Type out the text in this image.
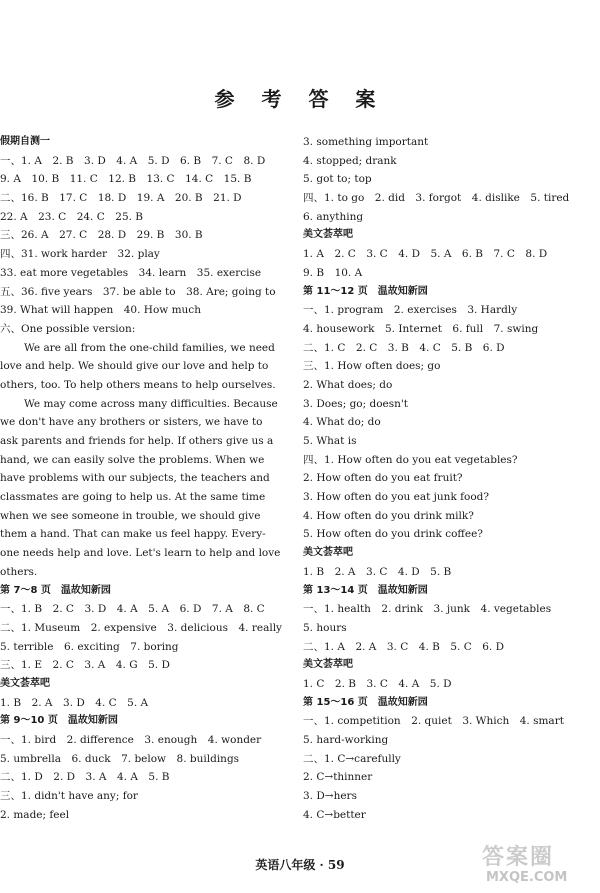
参 考 答 案
假期自测一
一、1. A　2. B　3. D　4. A　5. D　6. B　7. C　8. D
9. A　10. B　11. C　12. B　13. C　14. C　15. B
二、16. B　17. C　18. D　19. A　20. B　21. D
22. A　23. C　24. C　25. B
三、26. A　27. C　28. D　29. B　30. B
四、31. work harder　32. play
33. eat more vegetables　34. learn　35. exercise
五、36. five years　37. be able to　38. Are; going to
39. What will happen　40. How much
六、One possible version:
We are all from the one-child families, we need
love and help. We should give our love and help to
others, too. To help others means to help ourselves.
We may come across many difficulties. Because
we don't have any brothers or sisters, we have to
ask parents and friends for help. If others give us a
hand, we can easily solve the problems. When we
have problems with our subjects, the teachers and
classmates are going to help us. At the same time
when we see someone in trouble, we should give
them a hand. That can make us feel happy. Every-
one needs help and love. Let's learn to help and love
others.
第 7～8 页　温故知新园
一、1. B　2. C　3. D　4. A　5. A　6. D　7. A　8. C
二、1. Museum　2. expensive　3. delicious　4. really
5. terrible　6. exciting　7. boring
三、1. E　2. C　3. A　4. G　5. D
美文荟萃吧
1. B　2. A　3. D　4. C　5. A
第 9～10 页　温故知新园
一、1. bird　2. difference　3. enough　4. wonder
5. umbrella　6. duck　7. below　8. buildings
二、1. D　2. D　3. A　4. A　5. B
三、1. didn't have any; for
2. made; feel
3. something important
4. stopped; drank
5. got to; top
四、1. to go　2. did　3. forgot　4. dislike　5. tired
6. anything
美文荟萃吧
1. A　2. C　3. C　4. D　5. A　6. B　7. C　8. D
9. B　10. A
第 11～12 页　温故知新园
一、1. program　2. exercises　3. Hardly
4. housework　5. Internet　6. full　7. swing
二、1. C　2. C　3. B　4. C　5. B　6. D
三、1. How often does; go
2. What does; do
3. Does; go; doesn't
4. What do; do
5. What is
四、1. How often do you eat vegetables?
2. How often do you eat fruit?
3. How often do you eat junk food?
4. How often do you drink milk?
5. How often do you drink coffee?
美文荟萃吧
1. B　2. A　3. C　4. D　5. B
第 13～14 页　温故知新园
一、1. health　2. drink　3. junk　4. vegetables
5. hours
二、1. A　2. A　3. C　4. B　5. C　6. D
美文荟萃吧
1. C　2. B　3. C　4. A　5. D
第 15～16 页　温故知新园
一、1. competition　2. quiet　3. Which　4. smart
5. hard-working
二、1. C→carefully
2. C→thinner
3. D→hers
4. C→better
英语八年级 · 59	答案圈
MXQE.COM
